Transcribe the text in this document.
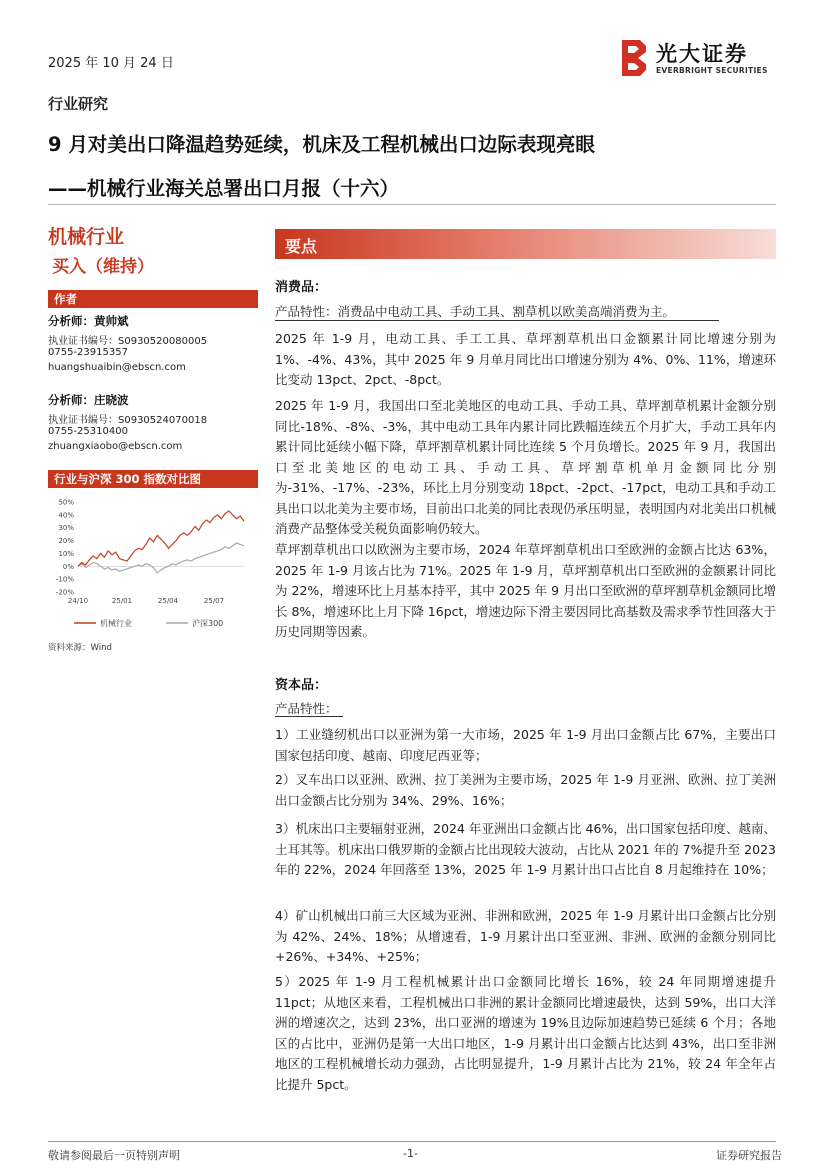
2025 年 10 月 24 日	光大证券
EVERBRIGHT SECURITIES
行业研究
9 月对美出口降温趋势延续，机床及工程机械出口边际表现亮眼
——机械行业海关总署出口月报（十六）
机械行业
买入（维持）
作者
分析师：黄帅斌
执业证书编号：S0930520080005
0755-23915357
huangshuaibin@ebscn.com
分析师：庄晓波
执业证书编号：S0930524070018
0755-25310400
zhuangxiaobo@ebscn.com
行业与沪深 300 指数对比图
50%
40%
30%
20%
10%
0%
-10%
-20%
24/10	25/01	25/04	25/07
机械行业	沪深300
资料来源：Wind
要点
消费品：
产品特性：消费品中电动工具、手动工具、割草机以欧美高端消费为主。
2025 年 1-9 月，电动工具、手工工具、草坪割草机出口金额累计同比增速分别为 1%、-4%、43%，其中 2025 年 9 月单月同比出口增速分别为 4%、0%、11%，增速环比变动 13pct、2pct、-8pct。
2025 年 1-9 月，我国出口至北美地区的电动工具、手动工具、草坪割草机累计金额分别同比-18%、-8%、-3%，其中电动工具年内累计同比跌幅连续五个月扩大，手动工具年内累计同比延续小幅下降，草坪割草机累计同比连续 5 个月负增长。2025 年 9 月，我国出口至北美地区的电动工具、手动工具、草坪割草机单月金额同比分别为-31%、-17%、-23%，环比上月分别变动 18pct、-2pct、-17pct，电动工具和手动工具出口以北美为主要市场，目前出口北美的同比表现仍承压明显，表明国内对北美出口机械消费产品整体受关税负面影响仍较大。
草坪割草机出口以欧洲为主要市场，2024 年草坪割草机出口至欧洲的金额占比达 63%，2025 年 1-9 月该占比为 71%。2025 年 1-9 月，草坪割草机出口至欧洲的金额累计同比为 22%，增速环比上月基本持平，其中 2025 年 9 月出口至欧洲的草坪割草机金额同比增长 8%，增速环比上月下降 16pct，增速边际下滑主要因同比高基数及需求季节性回落大于历史同期等因素。
资本品：
产品特性：
1）工业缝纫机出口以亚洲为第一大市场，2025 年 1-9 月出口金额占比 67%，主要出口国家包括印度、越南、印度尼西亚等；
2）叉车出口以亚洲、欧洲、拉丁美洲为主要市场，2025 年 1-9 月亚洲、欧洲、拉丁美洲出口金额占比分别为 34%、29%、16%；
3）机床出口主要辐射亚洲，2024 年亚洲出口金额占比 46%，出口国家包括印度、越南、土耳其等。机床出口俄罗斯的金额占比出现较大波动，占比从 2021 年的 7%提升至 2023 年的 22%，2024 年回落至 13%，2025 年 1-9 月累计出口占比自 8 月起维持在 10%；
4）矿山机械出口前三大区域为亚洲、非洲和欧洲，2025 年 1-9 月累计出口金额占比分别为 42%、24%、18%；从增速看，1-9 月累计出口至亚洲、非洲、欧洲的金额分别同比+26%、+34%、+25%；
5）2025 年 1-9 月工程机械累计出口金额同比增长 16%，较 24 年同期增速提升 11pct；从地区来看，工程机械出口非洲的累计金额同比增速最快，达到 59%，出口大洋洲的增速次之，达到 23%，出口亚洲的增速为 19%且边际加速趋势已延续 6 个月；各地区的占比中，亚洲仍是第一大出口地区，1-9 月累计出口金额占比达到 43%，出口至非洲地区的工程机械增长动力强劲，占比明显提升，1-9 月累计占比为 21%，较 24 年全年占比提升 5pct。
敬请参阅最后一页特别声明	-1-	证券研究报告
